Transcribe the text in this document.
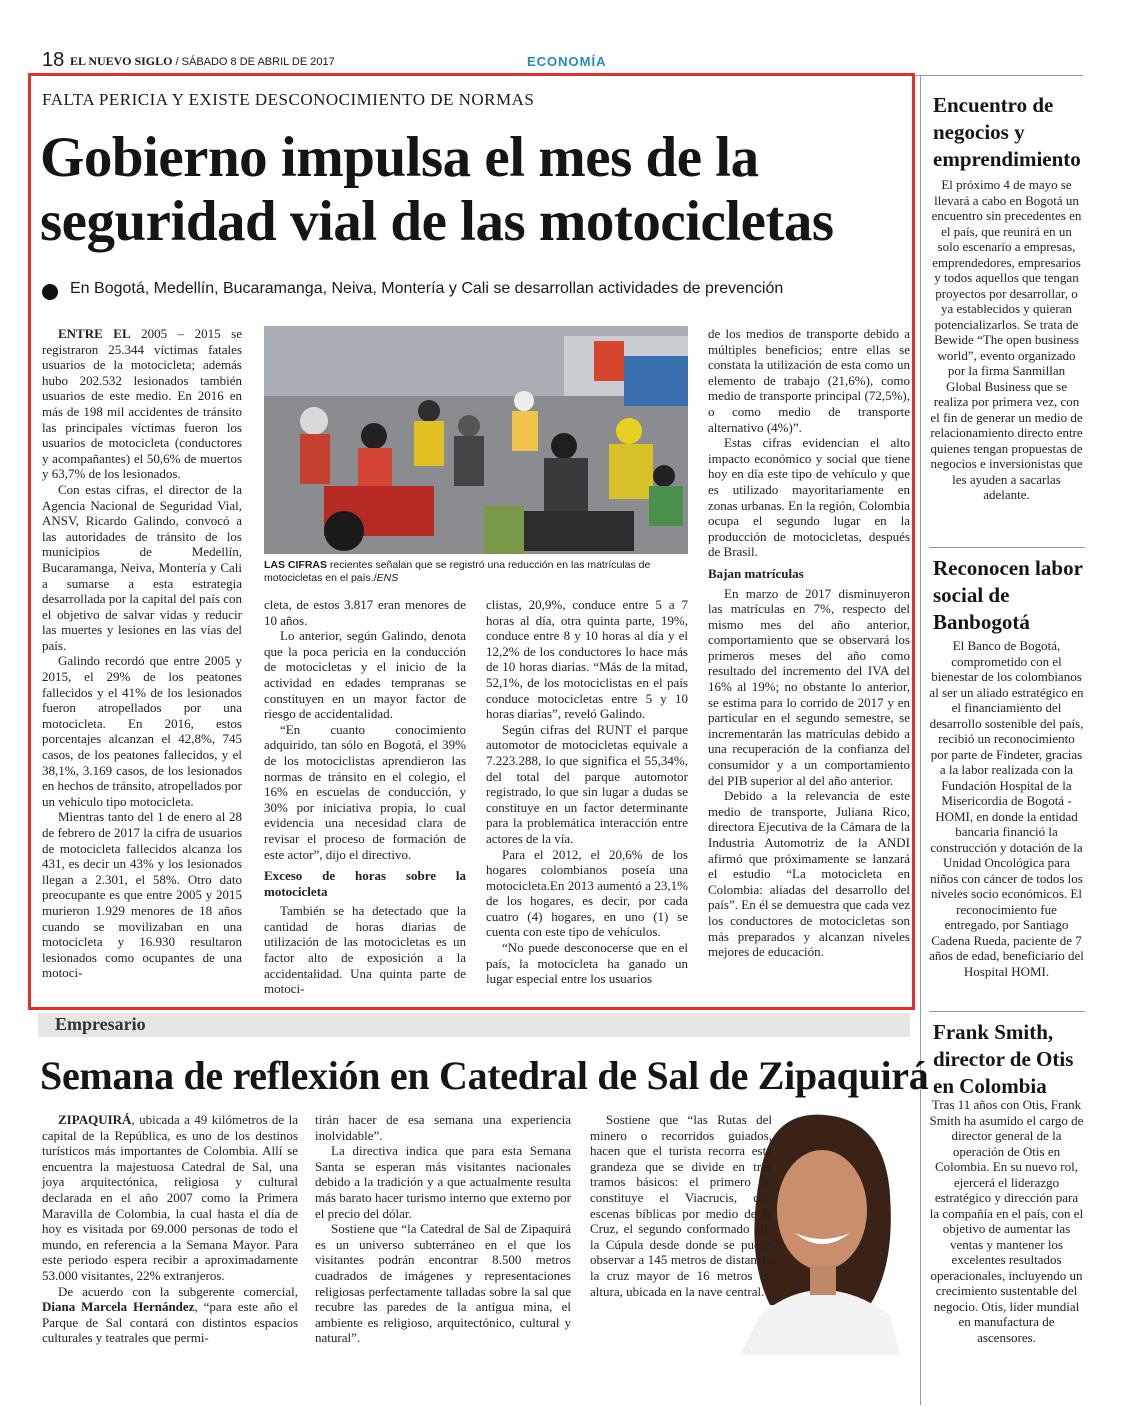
18 EL NUEVO SIGLO / SÁBADO 8 DE ABRIL DE 2017	ECONOMÍA
FALTA PERICIA Y EXISTE DESCONOCIMIENTO DE NORMAS
Gobierno impulsa el mes de la seguridad vial de las motocicletas
En Bogotá, Medellín, Bucaramanga, Neiva, Montería y Cali se desarrollan actividades de prevención

ENTRE EL 2005 – 2015 se registraron 25.344 víctimas fatales usuarios de la motocicleta; además hubo 202.532 lesionados también usuarios de este medio. En 2016 en más de 198 mil accidentes de tránsito las principales víctimas fueron los usuarios de motocicleta (conductores y acompañantes) el 50,6% de muertos y 63,7% de los lesionados.

Con estas cifras, el director de la Agencia Nacional de Seguridad Vial, ANSV, Ricardo Galindo, convocó a las autoridades de tránsito de los municipios de Medellín, Bucaramanga, Neiva, Montería y Cali a sumarse a esta estrategia desarrollada por la capital del país con el objetivo de salvar vidas y reducir las muertes y lesiones en las vías del país.

Galindo recordó que entre 2005 y 2015, el 29% de los peatones fallecidos y el 41% de los lesionados fueron atropellados por una motocicleta. En 2016, estos porcentajes alcanzan el 42,8%, 745 casos, de los peatones fallecidos, y el 38,1%, 3.169 casos, de los lesionados en hechos de tránsito, atropellados por un vehículo tipo motocicleta.

Mientras tanto del 1 de enero al 28 de febrero de 2017 la cifra de usuarios de motocicleta fallecidos alcanza los 431, es decir un 43% y los lesionados llegan a 2.301, el 58%. Otro dato preocupante es que entre 2005 y 2015 murieron 1.929 menores de 18 años cuando se movilizaban en una motocicleta y 16.930 resultaron lesionados como ocupantes de una motoci-

LAS CIFRAS recientes señalan que se registró una reducción en las matrículas de motocicletas en el país./ENS

cleta, de estos 3.817 eran menores de 10 años.

Lo anterior, según Galindo, denota que la poca pericia en la conducción de motocicletas y el inicio de la actividad en edades tempranas se constituyen en un mayor factor de riesgo de accidentalidad.

“En cuanto conocimiento adquirido, tan sólo en Bogotá, el 39% de los motociclistas aprendieron las normas de tránsito en el colegio, el 16% en escuelas de conducción, y 30% por iniciativa propia, lo cual evidencia una necesidad clara de revisar el proceso de formación de este actor”, dijo el directivo.

Exceso de horas sobre la motocicleta

También se ha detectado que la cantidad de horas diarias de utilización de las motocicletas es un factor alto de exposición a la accidentalidad. Una quinta parte de motoci-

clistas, 20,9%, conduce entre 5 a 7 horas al día, otra quinta parte, 19%, conduce entre 8 y 10 horas al día y el 12,2% de los conductores lo hace más de 10 horas diarias. “Más de la mitad, 52,1%, de los motociclistas en el país conduce motocicletas entre 5 y 10 horas diarias”, reveló Galindo.

Según cifras del RUNT el parque automotor de motocicletas equivale a 7.223.288, lo que significa el 55,34%, del total del parque automotor registrado, lo que sin lugar a dudas se constituye en un factor determinante para la problemática interacción entre actores de la vía.

Para el 2012, el 20,6% de los hogares colombianos poseía una motocicleta.En 2013 aumentó a 23,1% de los hogares, es decir, por cada cuatro (4) hogares, en uno (1) se cuenta con este tipo de vehículos.

“No puede desconocerse que en el país, la motocicleta ha ganado un lugar especial entre los usuarios

de los medios de transporte debido a múltiples beneficios; entre ellas se constata la utilización de esta como un elemento de trabajo (21,6%), como medio de transporte principal (72,5%), o como medio de transporte alternativo (4%)”.

Estas cifras evidencian el alto impacto económico y social que tiene hoy en día este tipo de vehículo y que es utilizado mayoritariamente en zonas urbanas. En la región, Colombia ocupa el segundo lugar en la producción de motocicletas, después de Brasil.

Bajan matrículas

En marzo de 2017 disminuyeron las matrículas en 7%, respecto del mismo mes del año anterior, comportamiento que se observará los primeros meses del año como resultado del incremento del IVA del 16% al 19%; no obstante lo anterior, se estima para lo corrido de 2017 y en particular en el segundo semestre, se incrementarán las matrículas debido a una recuperación de la confianza del consumidor y a un comportamiento del PIB superior al del año anterior.

Debido a la relevancia de este medio de transporte, Juliana Rico, directora Ejecutiva de la Cámara de la Industria Automotriz de la ANDI afirmó que próximamente se lanzará el estudio “La motocicleta en Colombia: aliadas del desarrollo del país”. En él se demuestra que cada vez los conductores de motocicletas son más preparados y alcanzan niveles mejores de educación.

Encuentro de negocios y emprendimiento

El próximo 4 de mayo se llevará a cabo en Bogotá un encuentro sin precedentes en el país, que reunirá en un solo escenario a empresas, emprendedores, empresarios y todos aquellos que tengan proyectos por desarrollar, o ya establecidos y quieran potencializarlos. Se trata de Bewide “The open business world”, evento organizado por la firma Sanmillan Global Business que se realiza por primera vez, con el fin de generar un medio de relacionamiento directo entre quienes tengan propuestas de negocios e inversionistas que les ayuden a sacarlas adelante.

Reconocen labor social de Banbogotá

El Banco de Bogotá, comprometido con el bienestar de los colombianos al ser un aliado estratégico en el financiamiento del desarrollo sostenible del país, recibió un reconocimiento por parte de Findeter, gracias a la labor realizada con la Fundación Hospital de la Misericordia de Bogotá - HOMI, en donde la entidad bancaria financió la construcción y dotación de la Unidad Oncológica para niños con cáncer de todos los niveles socio económicos. El reconocimiento fue entregado, por Santiago Cadena Rueda, paciente de 7 años de edad, beneficiario del Hospital HOMI.

Frank Smith, director de Otis en Colombia

Tras 11 años con Otis, Frank Smith ha asumido el cargo de director general de la operación de Otis en Colombia. En su nuevo rol, ejercerá el liderazgo estratégico y dirección para la compañía en el país, con el objetivo de aumentar las ventas y mantener los excelentes resultados operacionales, incluyendo un crecimiento sustentable del negocio. Otis, líder mundial en manufactura de ascensores.

Empresario
Semana de reflexión en Catedral de Sal de Zipaquirá

ZIPAQUIRÁ, ubicada a 49 kilómetros de la capital de la República, es uno de los destinos turísticos más importantes de Colombia. Allí se encuentra la majestuosa Catedral de Sal, una joya arquitectónica, religiosa y cultural declarada en el año 2007 como la Primera Maravilla de Colombia, la cual hasta el día de hoy es visitada por 69.000 personas de todo el mundo, en referencia a la Semana Mayor. Para este periodo espera recibir a aproximadamente 53.000 visitantes, 22% extranjeros.

De acuerdo con la subgerente comercial, Diana Marcela Hernández, “para este año el Parque de Sal contará con distintos espacios culturales y teatrales que permi-

tirán hacer de esa semana una experiencia inolvidable”.

La directiva indica que para esta Semana Santa se esperan más visitantes nacionales debido a la tradición y a que actualmente resulta más barato hacer turismo interno que externo por el precio del dólar.

Sostiene que “la Catedral de Sal de Zipaquirá es un universo subterráneo en el que los visitantes podrán encontrar 8.500 metros cuadrados de imágenes y representaciones religiosas perfectamente talladas sobre la sal que recubre las paredes de la antigua mina, el ambiente es religioso, arquitectónico, cultural y natural”.

Sostiene que “las Rutas del minero o recorridos guiados, hacen que el turista recorra esta grandeza que se divide en tres tramos básicos: el primero lo constituye el Viacrucis, con escenas bíblicas por medio de la Cruz, el segundo conformado por la Cúpula desde donde se puede observar a 145 metros de distancia la cruz mayor de 16 metros de altura, ubicada en la nave central.
